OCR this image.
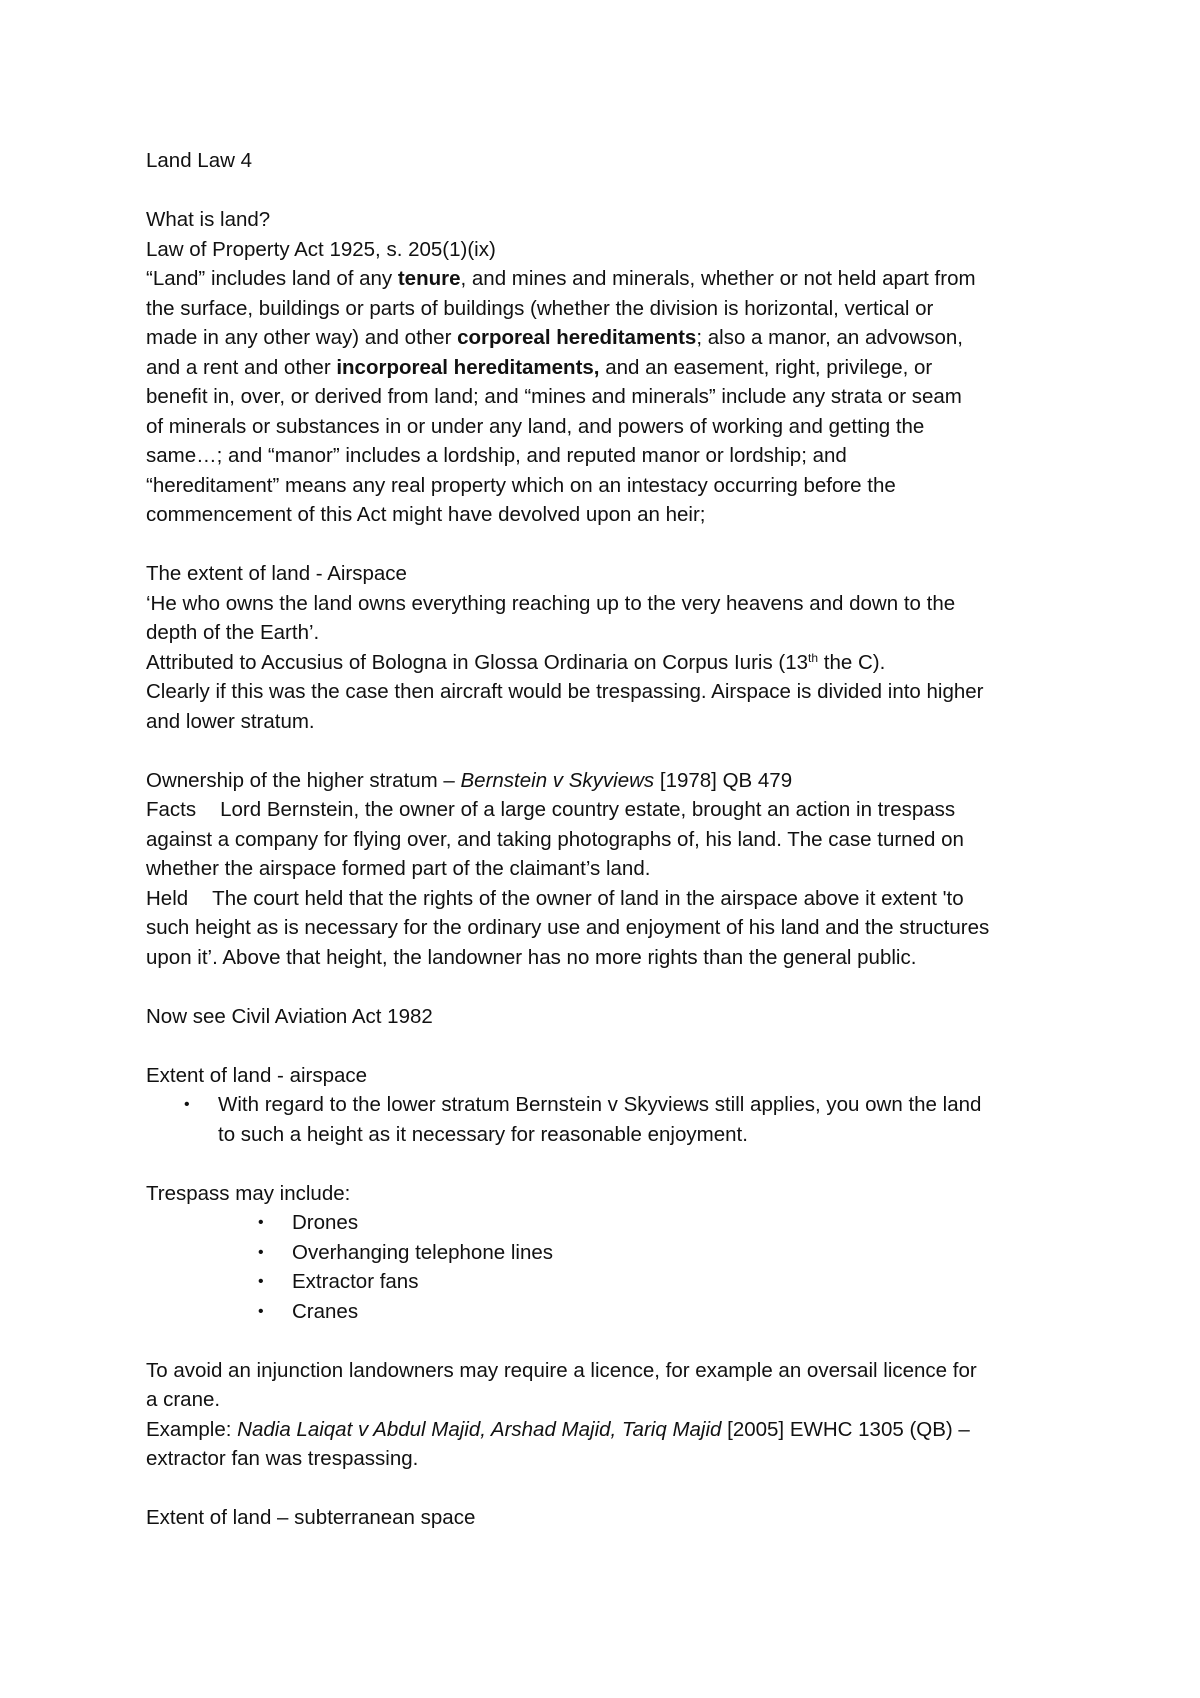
Land Law 4
What is land?
Law of Property Act 1925, s. 205(1)(ix)
“Land” includes land of any tenure, and mines and minerals, whether or not held apart from
the surface, buildings or parts of buildings (whether the division is horizontal, vertical or
made in any other way) and other corporeal hereditaments; also a manor, an advowson,
and a rent and other incorporeal hereditaments, and an easement, right, privilege, or
benefit in, over, or derived from land; and “mines and minerals” include any strata or seam
of minerals or substances in or under any land, and powers of working and getting the
same…; and “manor” includes a lordship, and reputed manor or lordship; and
“hereditament” means any real property which on an intestacy occurring before the
commencement of this Act might have devolved upon an heir;
The extent of land - Airspace
‘He who owns the land owns everything reaching up to the very heavens and down to the
depth of the Earth’.
Attributed to Accusius of Bologna in Glossa Ordinaria on Corpus Iuris (13th the C).
Clearly if this was the case then aircraft would be trespassing. Airspace is divided into higher
and lower stratum.
Ownership of the higher stratum – Bernstein v Skyviews [1978] QB 479
Facts Lord Bernstein, the owner of a large country estate, brought an action in trespass
against a company for flying over, and taking photographs of, his land. The case turned on
whether the airspace formed part of the claimant’s land.
Held The court held that the rights of the owner of land in the airspace above it extent 'to
such height as is necessary for the ordinary use and enjoyment of his land and the structures
upon it’. Above that height, the landowner has no more rights than the general public.
Now see Civil Aviation Act 1982
Extent of land - airspace
• With regard to the lower stratum Bernstein v Skyviews still applies, you own the land
to such a height as it necessary for reasonable enjoyment.
Trespass may include:
• Drones
• Overhanging telephone lines
• Extractor fans
• Cranes
To avoid an injunction landowners may require a licence, for example an oversail licence for
a crane.
Example: Nadia Laiqat v Abdul Majid, Arshad Majid, Tariq Majid [2005] EWHC 1305 (QB) –
extractor fan was trespassing.
Extent of land – subterranean space
